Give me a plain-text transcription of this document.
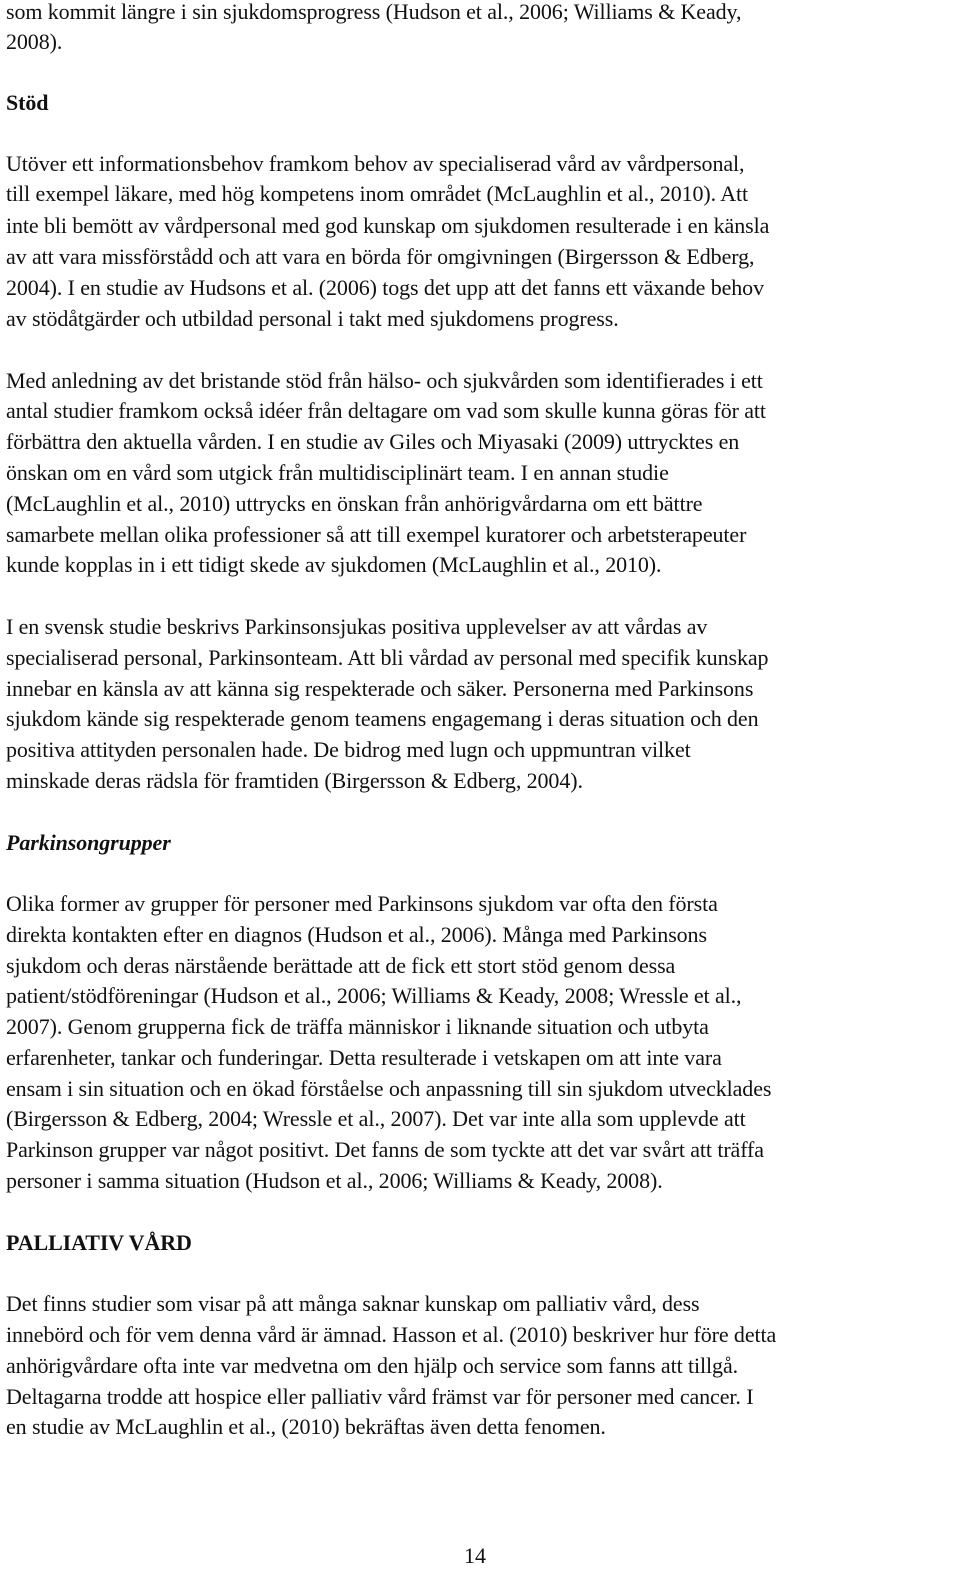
som kommit längre i sin sjukdomsprogress (Hudson et al., 2006; Williams & Keady,
2008).
Stöd
Utöver ett informationsbehov framkom behov av specialiserad vård av vårdpersonal,
till exempel läkare, med hög kompetens inom området (McLaughlin et al., 2010). Att
inte bli bemött av vårdpersonal med god kunskap om sjukdomen resulterade i en känsla
av att vara missförstådd och att vara en börda för omgivningen (Birgersson & Edberg,
2004). I en studie av Hudsons et al. (2006) togs det upp att det fanns ett växande behov
av stödåtgärder och utbildad personal i takt med sjukdomens progress.
Med anledning av det bristande stöd från hälso- och sjukvården som identifierades i ett
antal studier framkom också idéer från deltagare om vad som skulle kunna göras för att
förbättra den aktuella vården. I en studie av Giles och Miyasaki (2009) uttrycktes en
önskan om en vård som utgick från multidisciplinärt team. I en annan studie
(McLaughlin et al., 2010) uttrycks en önskan från anhörigvårdarna om ett bättre
samarbete mellan olika professioner så att till exempel kuratorer och arbetsterapeuter
kunde kopplas in i ett tidigt skede av sjukdomen (McLaughlin et al., 2010).
I en svensk studie beskrivs Parkinsonsjukas positiva upplevelser av att vårdas av
specialiserad personal, Parkinsonteam. Att bli vårdad av personal med specifik kunskap
innebar en känsla av att känna sig respekterade och säker. Personerna med Parkinsons
sjukdom kände sig respekterade genom teamens engagemang i deras situation och den
positiva attityden personalen hade. De bidrog med lugn och uppmuntran vilket
minskade deras rädsla för framtiden (Birgersson & Edberg, 2004).
Parkinsongrupper
Olika former av grupper för personer med Parkinsons sjukdom var ofta den första
direkta kontakten efter en diagnos (Hudson et al., 2006). Många med Parkinsons
sjukdom och deras närstående berättade att de fick ett stort stöd genom dessa
patient/stödföreningar (Hudson et al., 2006; Williams & Keady, 2008; Wressle et al.,
2007). Genom grupperna fick de träffa människor i liknande situation och utbyta
erfarenheter, tankar och funderingar. Detta resulterade i vetskapen om att inte vara
ensam i sin situation och en ökad förståelse och anpassning till sin sjukdom utvecklades
(Birgersson & Edberg, 2004; Wressle et al., 2007). Det var inte alla som upplevde att
Parkinson grupper var något positivt. Det fanns de som tyckte att det var svårt att träffa
personer i samma situation (Hudson et al., 2006; Williams & Keady, 2008).
PALLIATIV VÅRD
Det finns studier som visar på att många saknar kunskap om palliativ vård, dess
innebörd och för vem denna vård är ämnad. Hasson et al. (2010) beskriver hur före detta
anhörigvårdare ofta inte var medvetna om den hjälp och service som fanns att tillgå.
Deltagarna trodde att hospice eller palliativ vård främst var för personer med cancer. I
en studie av McLaughlin et al., (2010) bekräftas även detta fenomen.
14
